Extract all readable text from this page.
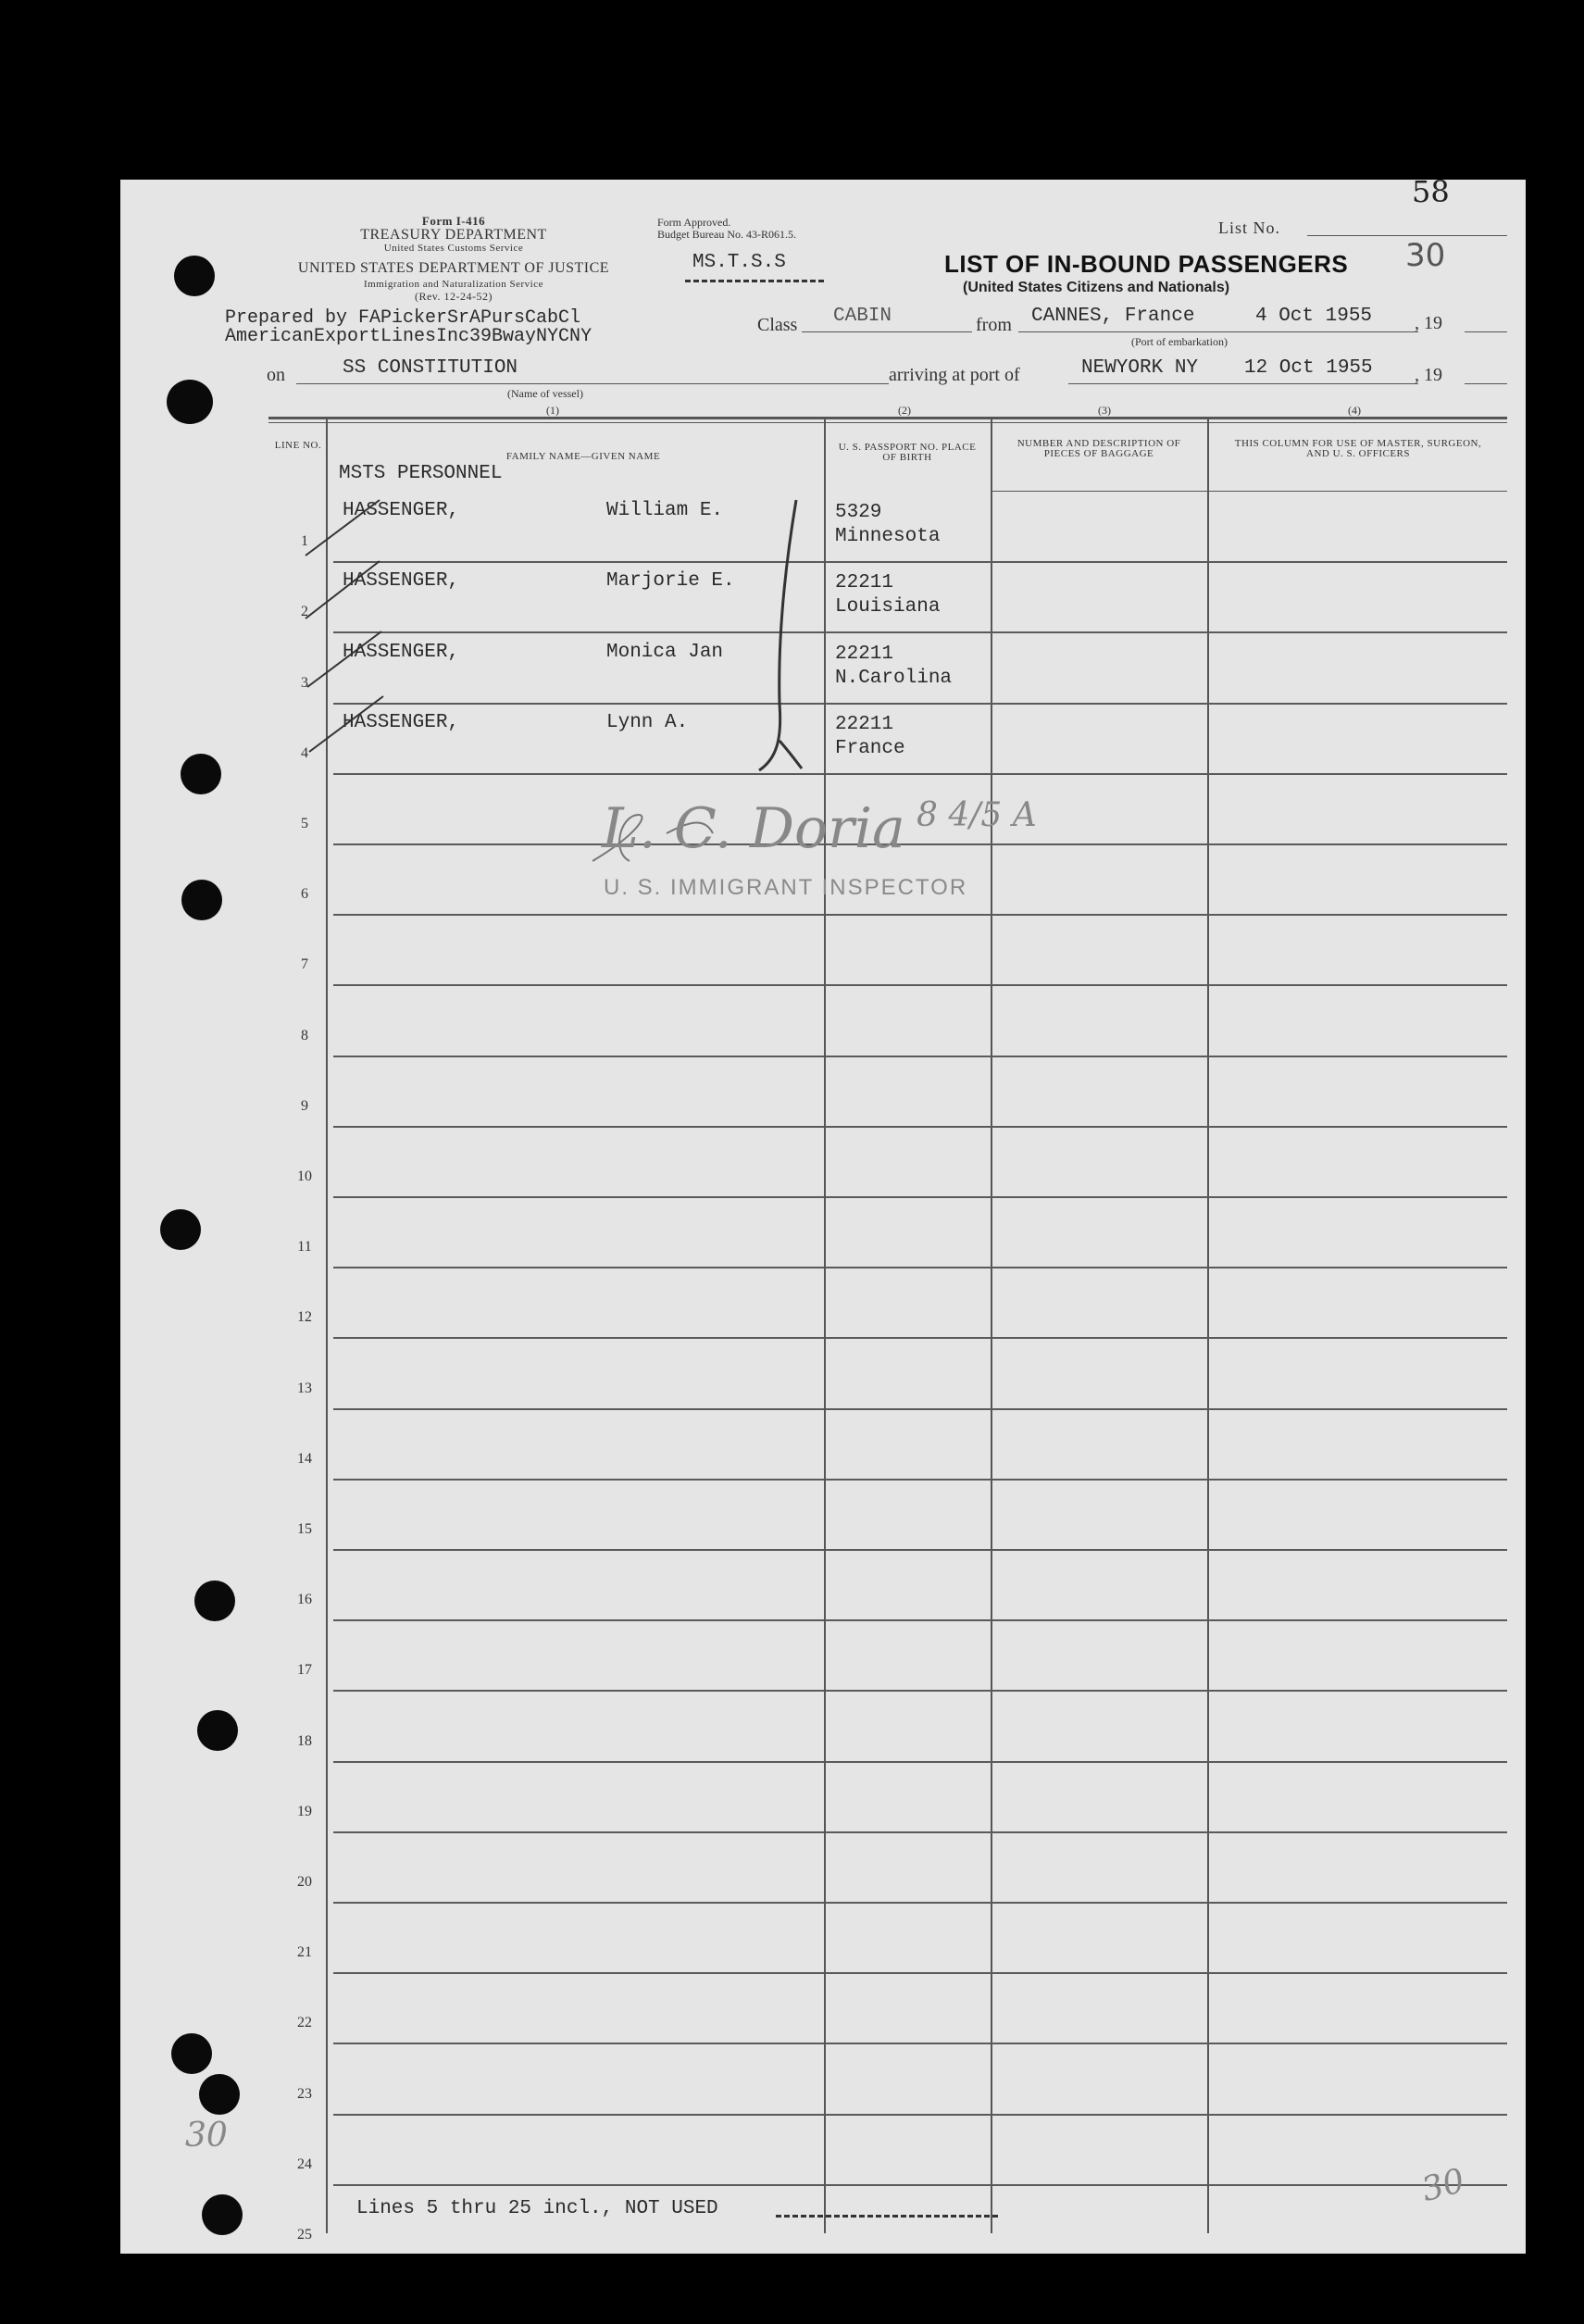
58
Form I-416
TREASURY DEPARTMENT
United States Customs Service
UNITED STATES DEPARTMENT OF JUSTICE
Immigration and Naturalization Service
(Rev. 12-24-52)
Form Approved.
Budget Bureau No. 43-R061.5.
MS.T.S.S	LIST OF IN-BOUND PASSENGERS
(United States Citizens and Nationals)
List No.
30
Prepared by FAPickerSrAPursCabCl
AmericanExportLinesInc39BwayNYCNY
Class CABIN	from CANNES, France	4 Oct 1955 , 19
(Port of embarkation)
on	SS CONSTITUTION
(Name of vessel)
arriving at port of	NEWYORK NY 12 Oct 1955 , 19
(1)	(2)	(3)	(4)
LINE NO.
FAMILY NAME—GIVEN NAME
U. S. PASSPORT NO. PLACE OF BIRTH
NUMBER AND DESCRIPTION OF PIECES OF BAGGAGE
THIS COLUMN FOR USE OF MASTER, SURGEON, AND U. S. OFFICERS
MSTS PERSONNEL
1
HASSENGER,	William E.	5329
Minnesota
2
HASSENGER,	Marjorie E.	22211
Louisiana
3
HASSENGER,	Monica Jan	22211
N.Carolina
4
HASSENGER,	Lynn A.	22211
France
5
6
7
8
9
10
11
12
13
14
15
16
17
18
19
20
21
22
23
24
25
L. C. Doria 8 4/5 A
U. S. IMMIGRANT INSPECTOR
Lines 5 thru 25 incl., NOT USED
30
30
